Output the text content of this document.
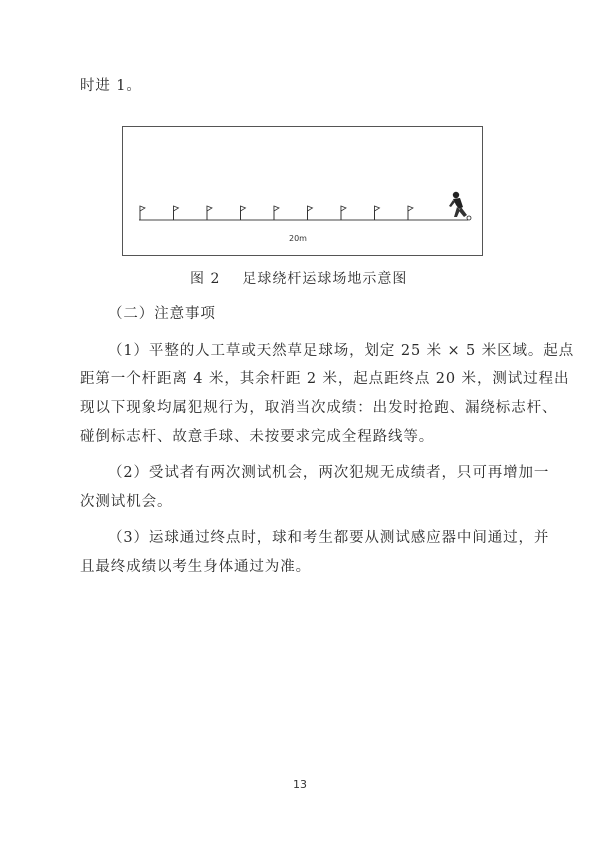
时进 1。
20m
图 2 足球绕杆运球场地示意图
（二）注意事项
（1）平整的人工草或天然草足球场，划定 25 米 × 5 米区域。起点
距第一个杆距离 4 米，其余杆距 2 米，起点距终点 20 米，测试过程出
现以下现象均属犯规行为，取消当次成绩：出发时抢跑、漏绕标志杆、
碰倒标志杆、故意手球、未按要求完成全程路线等。
（2）受试者有两次测试机会，两次犯规无成绩者，只可再增加一
次测试机会。
（3）运球通过终点时，球和考生都要从测试感应器中间通过，并
且最终成绩以考生身体通过为准。
13
